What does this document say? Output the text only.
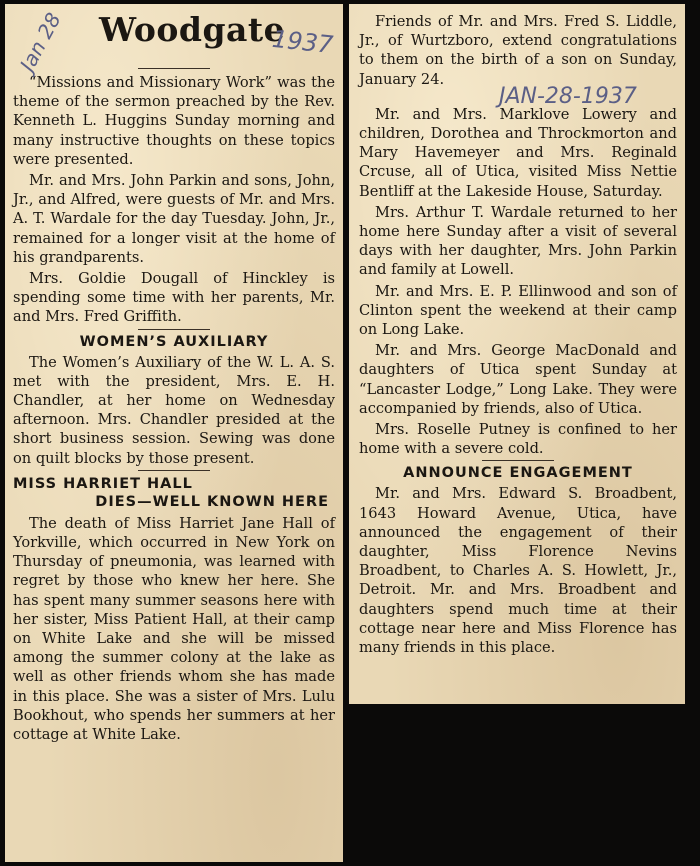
Jan 28 Woodgate
1937

“Missions and Missionary Work” was the theme of the sermon preached by the Rev. Kenneth L. Huggins Sunday morning and many instructive thoughts on these topics were presented.

Mr. and Mrs. John Parkin and sons, John, Jr., and Alfred, were guests of Mr. and Mrs. A. T. Wardale for the day Tuesday. John, Jr., remained for a longer visit at the home of his grandparents.

Mrs. Goldie Dougall of Hinckley is spending some time with her parents, Mr. and Mrs. Fred Griffith.

WOMEN’S AUXILIARY

The Women’s Auxiliary of the W. L. A. S. met with the president, Mrs. E. H. Chandler, at her home on Wednesday afternoon. Mrs. Chandler presided at the short business session. Sewing was done on quilt blocks by those present.

MISS HARRIET HALL
DIES—WELL KNOWN HERE

The death of Miss Harriet Jane Hall of Yorkville, which occurred in New York on Thursday of pneumonia, was learned with regret by those who knew her here. She has spent many summer seasons here with her sister, Miss Patient Hall, at their camp on White Lake and she will be missed among the summer colony at the lake as well as other friends whom she has made in this place. She was a sister of Mrs. Lulu Bookhout, who spends her summers at her cottage at White Lake.

Friends of Mr. and Mrs. Fred S. Liddle, Jr., of Wurtzboro, extend congratulations to them on the birth of a son on Sunday, January 24.

JAN-28-1937

Mr. and Mrs. Marklove Lowery and children, Dorothea and Throckmorton and Mary Havemeyer and Mrs. Reginald Crcuse, all of Utica, visited Miss Nettie Bentliff at the Lakeside House, Saturday.

Mrs. Arthur T. Wardale returned to her home here Sunday after a visit of several days with her daughter, Mrs. John Parkin and family at Lowell.

Mr. and Mrs. E. P. Ellinwood and son of Clinton spent the weekend at their camp on Long Lake.

Mr. and Mrs. George MacDonald and daughters of Utica spent Sunday at “Lancaster Lodge,” Long Lake. They were accompanied by friends, also of Utica.

Mrs. Roselle Putney is confined to her home with a severe cold.

ANNOUNCE ENGAGEMENT

Mr. and Mrs. Edward S. Broadbent, 1643 Howard Avenue, Utica, have announced the engagement of their daughter, Miss Florence Nevins Broadbent, to Charles A. S. Howlett, Jr., Detroit. Mr. and Mrs. Broadbent and daughters spend much time at their cottage near here and Miss Florence has many friends in this place.
